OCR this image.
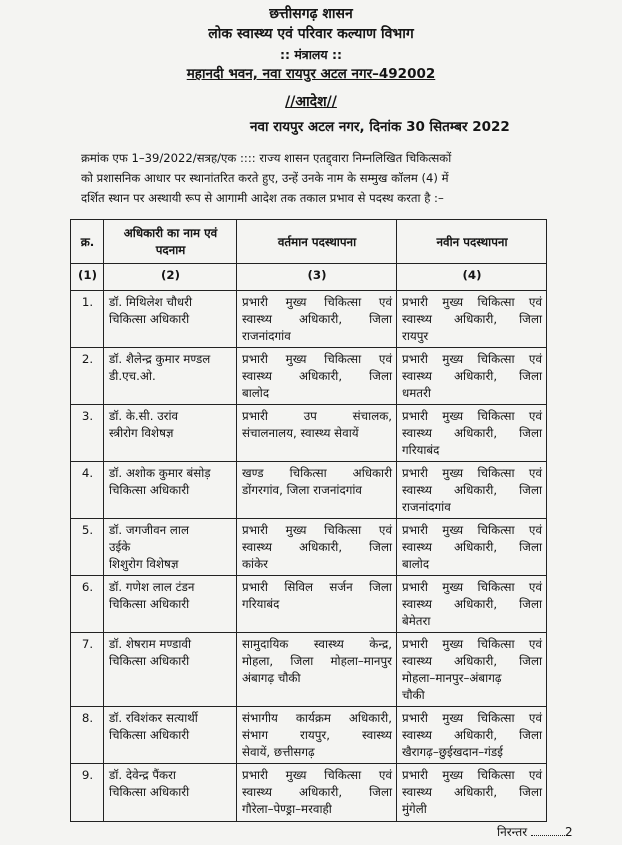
छत्तीसगढ़ शासन
लोक स्वास्थ्य एवं परिवार कल्याण विभाग
:: मंत्रालय ::
महानदी भवन, नवा रायपुर अटल नगर–492002
//आदेश//
नवा रायपुर अटल नगर, दिनांक 30 सितम्बर 2022
क्रमांक एफ 1–39/2022/सत्रह/एक :::: राज्य शासन एतद्द्वारा निम्नलिखित चिकित्सकों
को प्रशासनिक आधार पर स्थानांतरित करते हुए, उन्हें उनके नाम के सम्मुख कॉलम (4) में
दर्शित स्थान पर अस्थायी रूप से आगामी आदेश तक तकाल प्रभाव से पदस्थ करता है :–
क्र.	अधिकारी का नाम एवं पदनाम	वर्तमान पदस्थापना	नवीन पदस्थापना
(1)	(2)	(3)	(4)
1.	डॉ. मिथिलेश चौधरी
चिकित्सा अधिकारी	प्रभारी मुख्य चिकित्सा एवं
स्वास्थ्य अधिकारी, जिला
राजनांदगांव	प्रभारी मुख्य चिकित्सा एवं
स्वास्थ्य अधिकारी, जिला
रायपुर

2.	डॉ. शैलेन्द्र कुमार मण्डल
डी.एच.ओ.	प्रभारी मुख्य चिकित्सा एवं
स्वास्थ्य अधिकारी, जिला
बालोद	प्रभारी मुख्य चिकित्सा एवं
स्वास्थ्य अधिकारी, जिला
धमतरी

3.	डॉ. के.सी. उरांव
स्त्रीरोग विशेषज्ञ	प्रभारी उप संचालक,
संचालनालय, स्वास्थ्य सेवायें	प्रभारी मुख्य चिकित्सा एवं
स्वास्थ्य अधिकारी, जिला
गरियाबंद

4.	डॉ. अशोक कुमार बंसोड़
चिकित्सा अधिकारी	खण्ड चिकित्सा अधिकारी
डोंगरगांव, जिला राजनांदगांव	प्रभारी मुख्य चिकित्सा एवं
स्वास्थ्य अधिकारी, जिला
राजनांदगांव

5.	डॉ. जगजीवन लाल
उईके
शिशुरोग विशेषज्ञ	प्रभारी मुख्य चिकित्सा एवं
स्वास्थ्य अधिकारी, जिला
कांकेर	प्रभारी मुख्य चिकित्सा एवं
स्वास्थ्य अधिकारी, जिला
बालोद

6.	डॉ. गणेश लाल टंडन
चिकित्सा अधिकारी	प्रभारी सिविल सर्जन जिला
गरियाबंद	प्रभारी मुख्य चिकित्सा एवं
स्वास्थ्य अधिकारी, जिला
बेमेतरा

7.	डॉ. शेषराम मण्डावी
चिकित्सा अधिकारी	सामुदायिक स्वास्थ्य केन्द्र,
मोहला, जिला मोहला–मानपुर
अंबागढ़ चौकी	प्रभारी मुख्य चिकित्सा एवं
स्वास्थ्य अधिकारी, जिला
मोहला–मानपुर–अंबागढ़
चौकी

8.	डॉ. रविशंकर सत्यार्थी
चिकित्सा अधिकारी	संभागीय कार्यक्रम अधिकारी,
संभाग रायपुर, स्वास्थ्य
सेवायें, छत्तीसगढ़	प्रभारी मुख्य चिकित्सा एवं
स्वास्थ्य अधिकारी, जिला
खैरागढ़–छुईखदान–गंडई

9.	डॉ. देवेन्द्र पैंकरा
चिकित्सा अधिकारी	प्रभारी मुख्य चिकित्सा एवं
स्वास्थ्य अधिकारी, जिला
गौरेला–पेण्ड्रा–मरवाही	प्रभारी मुख्य चिकित्सा एवं
स्वास्थ्य अधिकारी, जिला
मुंगेली
निरन्तर	2
